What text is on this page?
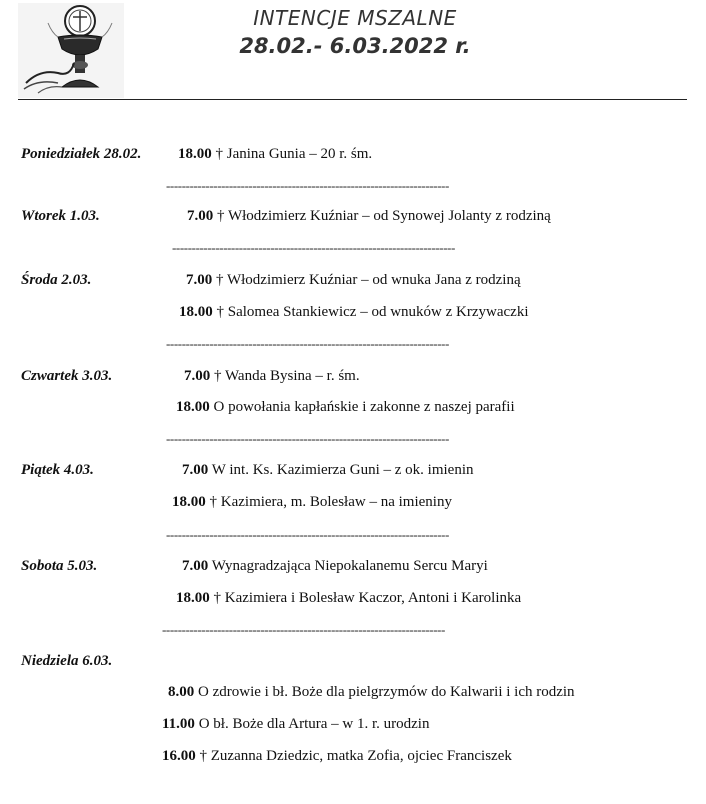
INTENCJE MSZALNE
28.02.- 6.03.2022 r.
Poniedziałek 28.02. 18.00 † Janina Gunia – 20 r. śm.
------------------------------------------------------------------------
Wtorek 1.03.	7.00 † Włodzimierz Kuźniar – od Synowej Jolanty z rodziną
------------------------------------------------------------------------
Środa 2.03.	7.00 † Włodzimierz Kuźniar – od wnuka Jana z rodziną
18.00 † Salomea Stankiewicz – od wnuków z Krzywaczki
------------------------------------------------------------------------
Czwartek 3.03.	7.00 † Wanda Bysina – r. śm.
18.00 O powołania kapłańskie i zakonne z naszej parafii
------------------------------------------------------------------------
Piątek 4.03.	7.00 W int. Ks. Kazimierza Guni – z ok. imienin
18.00 † Kazimiera, m. Bolesław – na imieniny
------------------------------------------------------------------------
Sobota 5.03.	7.00 Wynagradzająca Niepokalanemu Sercu Maryi
18.00 † Kazimiera i Bolesław Kaczor, Antoni i Karolinka
------------------------------------------------------------------------
Niedziela 6.03.
8.00 O zdrowie i bł. Boże dla pielgrzymów do Kalwarii i ich rodzin
11.00 O bł. Boże dla Artura – w 1. r. urodzin
16.00 † Zuzanna Dziedzic, matka Zofia, ojciec Franciszek
